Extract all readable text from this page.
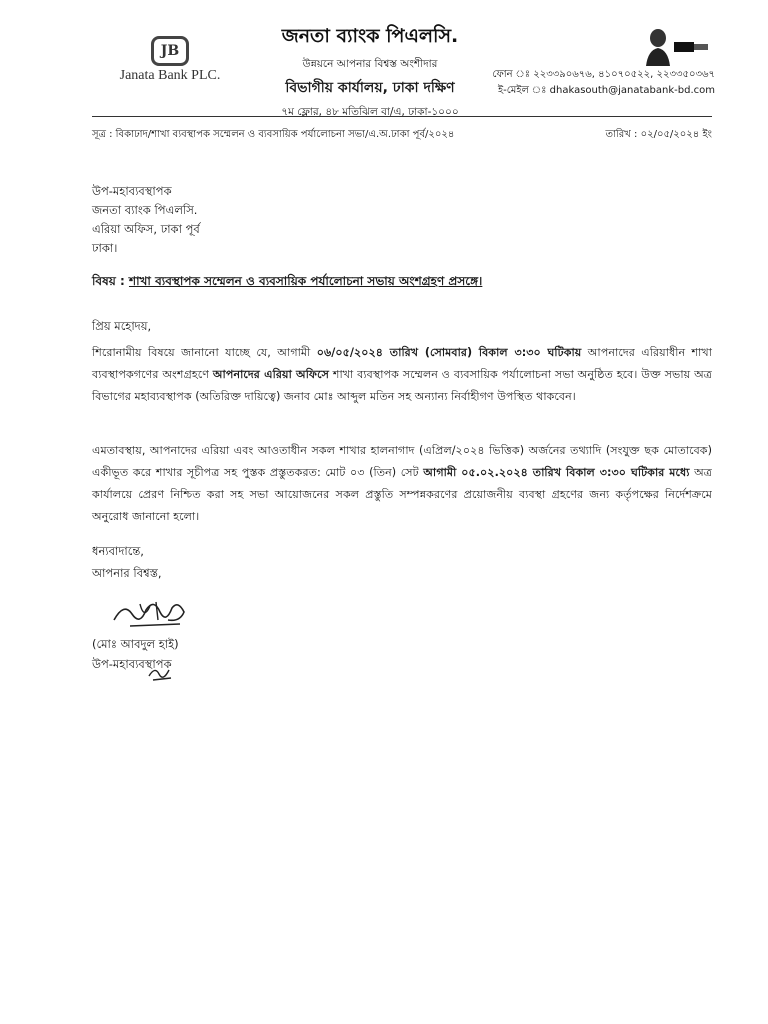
JB
Janata Bank PLC.
জনতা ব্যাংক পিএলসি.
উন্নয়নে আপনার বিশ্বস্ত অংশীদার
বিভাগীয় কার্যালয়, ঢাকা দক্ষিণ
৭ম ফ্লোর, ৪৮ মতিঝিল বা/এ, ঢাকা-১০০০
ফোন ঃ ২২৩৩৯০৬৭৬, ৪১০৭০৫২২, ২২৩৩৫০৩৬৭
ই-মেইল ঃ dhakasouth@janatabank-bd.com
সূত্র : বিকাঢাদ/শাখা ব্যবস্থাপক সম্মেলন ও ব্যবসায়িক পর্যালোচনা সভা/এ.অ.ঢাকা পূর্ব/২০২৪	তারিখ : ০২/০৫/২০২৪ ইং
উপ-মহাব্যবস্থাপক
জনতা ব্যাংক পিএলসি.
এরিয়া অফিস, ঢাকা পূর্ব
ঢাকা।
বিষয় : শাখা ব্যবস্থাপক সম্মেলন ও ব্যবসায়িক পর্যালোচনা সভায় অংশগ্রহণ প্রসঙ্গে।
প্রিয় মহোদয়,
শিরোনামীয় বিষয়ে জানানো যাচ্ছে যে, আগামী ০৬/০৫/২০২৪ তারিখ (সোমবার) বিকাল ৩:৩০ ঘটিকায় আপনাদের এরিয়াধীন শাখা ব্যবস্থাপকগণের অংশগ্রহণে আপনাদের এরিয়া অফিসে শাখা ব্যবস্থাপক সম্মেলন ও ব্যবসায়িক পর্যালোচনা সভা অনুষ্ঠিত হবে। উক্ত সভায় অত্র বিভাগের মহাব্যবস্থাপক (অতিরিক্ত দায়িত্বে) জনাব মোঃ আব্দুল মতিন সহ অন্যান্য নির্বাহীগণ উপস্থিত থাকবেন।
এমতাবস্থায়, আপনাদের এরিয়া এবং আওতাধীন সকল শাখার হালনাগাদ (এপ্রিল/২০২৪ ভিত্তিক) অর্জনের তথ্যাদি (সংযুক্ত ছক মোতাবেক) একীভূত করে শাখার সূচীপত্র সহ পুস্তক প্রস্তুতকরত: মোট ০৩ (তিন) সেট আগামী ০৫.০২.২০২৪ তারিখ বিকাল ৩:৩০ ঘটিকার মধ্যে অত্র কার্যালয়ে প্রেরণ নিশ্চিত করা সহ সভা আয়োজনের সকল প্রস্তুতি সম্পন্নকরণের প্রয়োজনীয় ব্যবস্থা গ্রহণের জন্য কর্তৃপক্ষের নির্দেশক্রমে অনুরোধ জানানো হলো।
ধন্যবাদান্তে,
আপনার বিশ্বস্ত,
(মোঃ আবদুল হাই)
উপ-মহাব্যবস্থাপক
